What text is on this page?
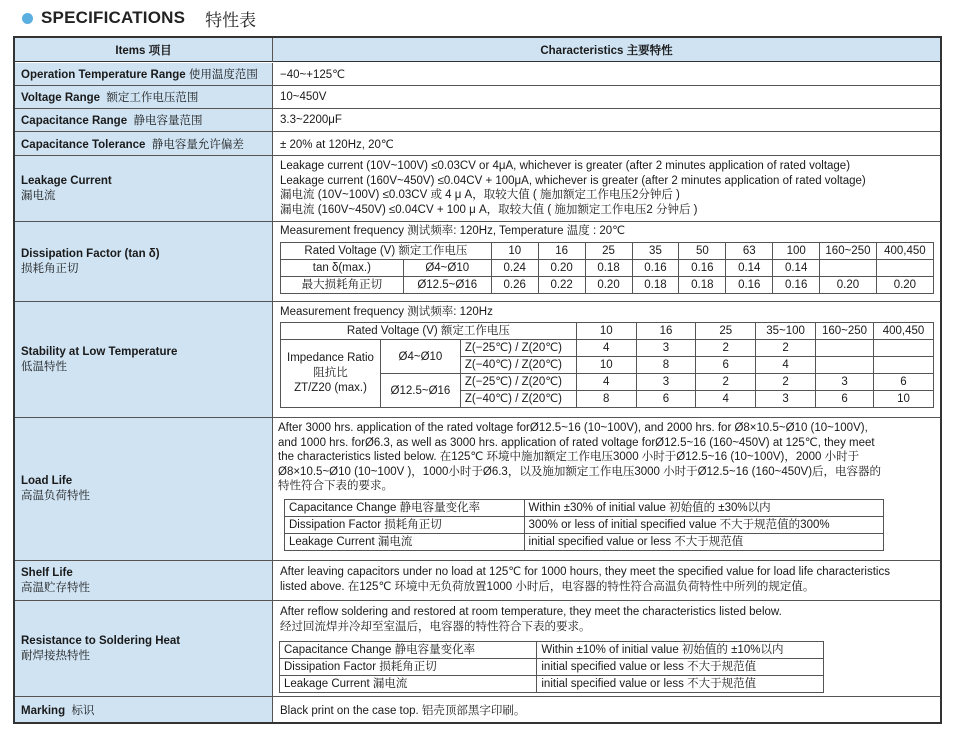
SPECIFICATIONS 特性表
Items 项目	Characteristics 主要特性
Operation Temperature Range 使用温度范围	−40~+125℃
Voltage Range 额定工作电压范围	10~450V
Capacitance Range 静电容量范围	3.3~2200μF
Capacitance Tolerance 静电容量允许偏差	± 20% at 120Hz, 20℃
Leakage Current
漏电流
Leakage current (10V~100V) ≤0.03CV or 4μA, whichever is greater (after 2 minutes application of rated voltage)
Leakage current (160V~450V) ≤0.04CV + 100μA, whichever is greater (after 2 minutes application of rated voltage)
漏电流 (10V~100V) ≤0.03CV 或 4 μ A，取较大值 ( 施加额定工作电压2分钟后 )
漏电流 (160V~450V) ≤0.04CV + 100 μ A，取较大值 ( 施加额定工作电压2 分钟后 )
Dissipation Factor (tan δ)
损耗角正切
Measurement frequency 测试频率: 120Hz, Temperature 温度 : 20℃
Rated Voltage (V) 额定工作电压		10	16	25	35	50	63	100	160~250	400,450
tan δ(max.)	Ø4~Ø10	0.24	0.20	0.18	0.16	0.16	0.14	0.14		
最大损耗角正切	Ø12.5~Ø16	0.26	0.22	0.20	0.18	0.18	0.16	0.16	0.20	0.20
Stability at Low Temperature
低温特性
Measurement frequency 测试频率: 120Hz
Rated Voltage (V) 额定工作电压			10	16	25	35~100	160~250	400,450

Impedance Ratio
阻抗比
ZT/Z20 (max.)	Ø4~Ø10	Z(−25℃) / Z(20℃)	4	3	2	2		
		Z(−40℃) / Z(20℃)	10	8	6	4		
	Ø12.5~Ø16	Z(−25℃) / Z(20℃)	4	3	2	2	3	6
		Z(−40℃) / Z(20℃)	8	6	4	3	6	10
Load Life
高温负荷特性
After 3000 hrs. application of the rated voltage forØ12.5~16 (10~100V), and 2000 hrs. for Ø8×10.5~Ø10 (10~100V),
and 1000 hrs. forØ6.3, as well as 3000 hrs. application of rated voltage forØ12.5~16 (160~450V) at 125℃, they meet
the characteristics listed below. 在125℃ 环境中施加额定工作电压3000 小时于Ø12.5~16 (10~100V)，2000 小时于
Ø8×10.5~Ø10 (10~100V )，1000小时于Ø6.3，以及施加额定工作电压3000 小时于Ø12.5~16 (160~450V)后，电容器的
特性符合下表的要求。
Capacitance Change 静电容量变化率	Within ±30% of initial value 初始值的 ±30%以内
Dissipation Factor 损耗角正切	300% or less of initial specified value 不大于规范值的300%
Leakage Current 漏电流	initial specified value or less 不大于规范值
Shelf Life
高温贮存特性
After leaving capacitors under no load at 125℃ for 1000 hours, they meet the specified value for load life characteristics
listed above. 在125℃ 环境中无负荷放置1000 小时后，电容器的特性符合高温负荷特性中所列的规定值。
Resistance to Soldering Heat
耐焊接热特性
After reflow soldering and restored at room temperature, they meet the characteristics listed below.
经过回流焊并冷却至室温后，电容器的特性符合下表的要求。
Capacitance Change 静电容量变化率	Within ±10% of initial value 初始值的 ±10%以内
Dissipation Factor 损耗角正切	initial specified value or less 不大于规范值
Leakage Current 漏电流	initial specified value or less 不大于规范值
Marking 标识	Black print on the case top. 铝壳顶部黑字印刷。
